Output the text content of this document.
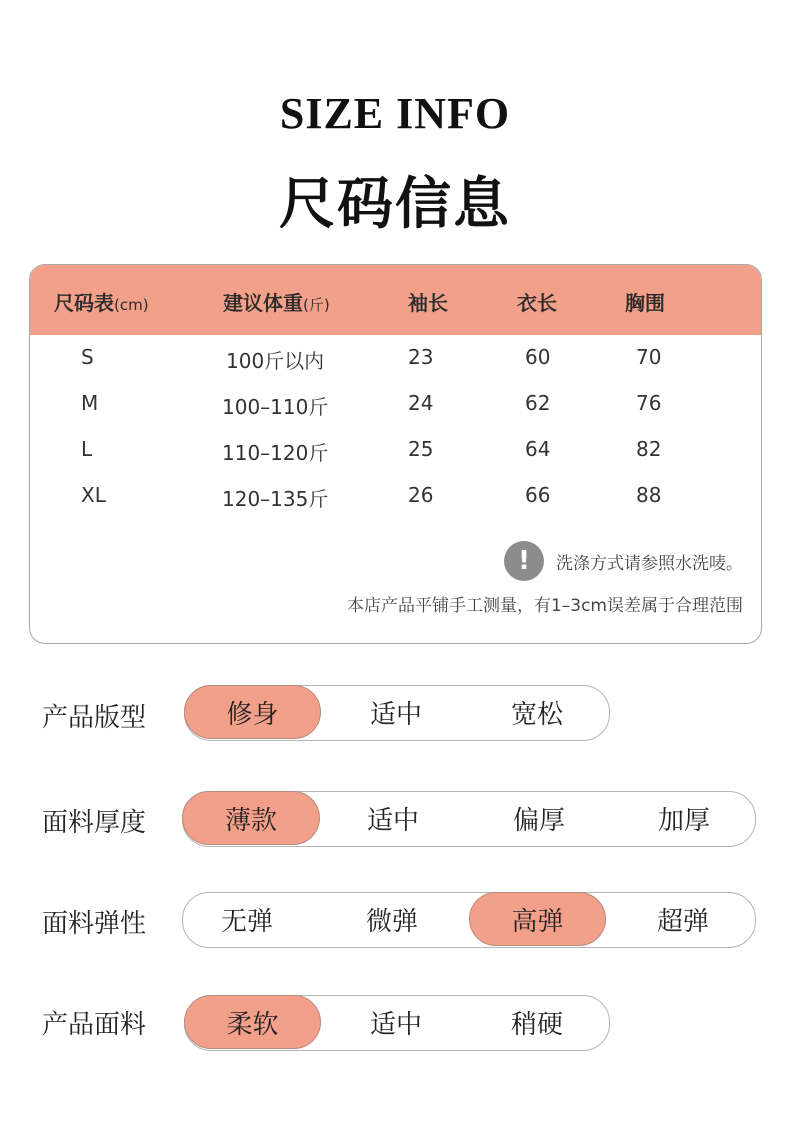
SIZE INFO
尺码信息
尺码表(cm)	建议体重(斤)	袖长	衣长	胸围
S	100斤以内	23	60	70
M	100–110斤	24	62	76
L	110–120斤	25	64	82
XL	120–135斤	26	66	88
!	洗涤方式请参照水洗唛。
本店产品平铺手工测量，有1–3cm误差属于合理范围
产品版型	修身	适中	宽松
面料厚度	薄款	适中	偏厚	加厚
面料弹性	无弹	微弹	高弹	超弹
产品面料	柔软	适中	稍硬
